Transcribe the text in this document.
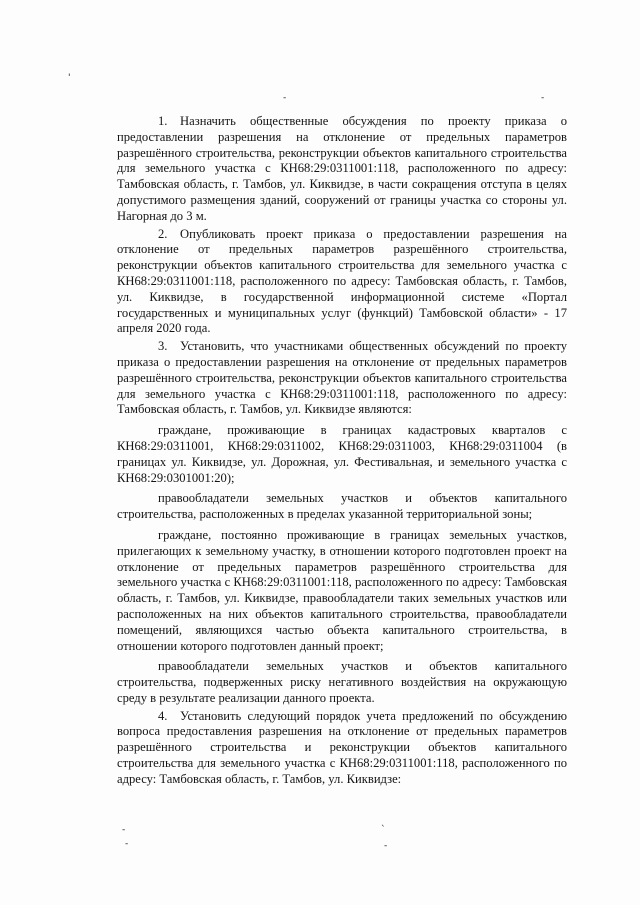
'
-	-
-
-
`
-

1. Назначить общественные обсуждения по проекту приказа о предоставлении разрешения на отклонение от предельных параметров разрешённого строительства, реконструкции объектов капитального строительства для земельного участка с КН68:29:0311001:118, расположенного по адресу: Тамбовская область, г. Тамбов, ул. Киквидзе, в части сокращения отступа в целях допустимого размещения зданий, сооружений от границы участка со стороны ул. Нагорная до 3 м.

2. Опубликовать проект приказа о предоставлении разрешения на отклонение от предельных параметров разрешённого строительства, реконструкции объектов капитального строительства для земельного участка с КН68:29:0311001:118, расположенного по адресу: Тамбовская область, г. Тамбов, ул. Киквидзе, в государственной информационной системе «Портал государственных и муниципальных услуг (функций) Тамбовской области» - 17 апреля 2020 года.

3. Установить, что участниками общественных обсуждений по проекту приказа о предоставлении разрешения на отклонение от предельных параметров разрешённого строительства, реконструкции объектов капитального строительства для земельного участка с КН68:29:0311001:118, расположенного по адресу: Тамбовская область, г. Тамбов, ул. Киквидзе являются:

граждане, проживающие в границах кадастровых кварталов с КН68:29:0311001, КН68:29:0311002, КН68:29:0311003, КН68:29:0311004 (в границах ул. Киквидзе, ул. Дорожная, ул. Фестивальная, и земельного участка с КН68:29:0301001:20);

правообладатели земельных участков и объектов капитального строительства, расположенных в пределах указанной территориальной зоны;

граждане, постоянно проживающие в границах земельных участков, прилегающих к земельному участку, в отношении которого подготовлен проект на отклонение от предельных параметров разрешённого строительства для земельного участка с КН68:29:0311001:118, расположенного по адресу: Тамбовская область, г. Тамбов, ул. Киквидзе, правообладатели таких земельных участков или расположенных на них объектов капитального строительства, правообладатели помещений, являющихся частью объекта капитального строительства, в отношении которого подготовлен данный проект;

правообладатели земельных участков и объектов капитального строительства, подверженных риску негативного воздействия на окружающую среду в результате реализации данного проекта.

4. Установить следующий порядок учета предложений по обсуждению вопроса предоставления разрешения на отклонение от предельных параметров разрешённого строительства и реконструкции объектов капитального строительства для земельного участка с КН68:29:0311001:118, расположенного по адресу: Тамбовская область, г. Тамбов, ул. Киквидзе:
